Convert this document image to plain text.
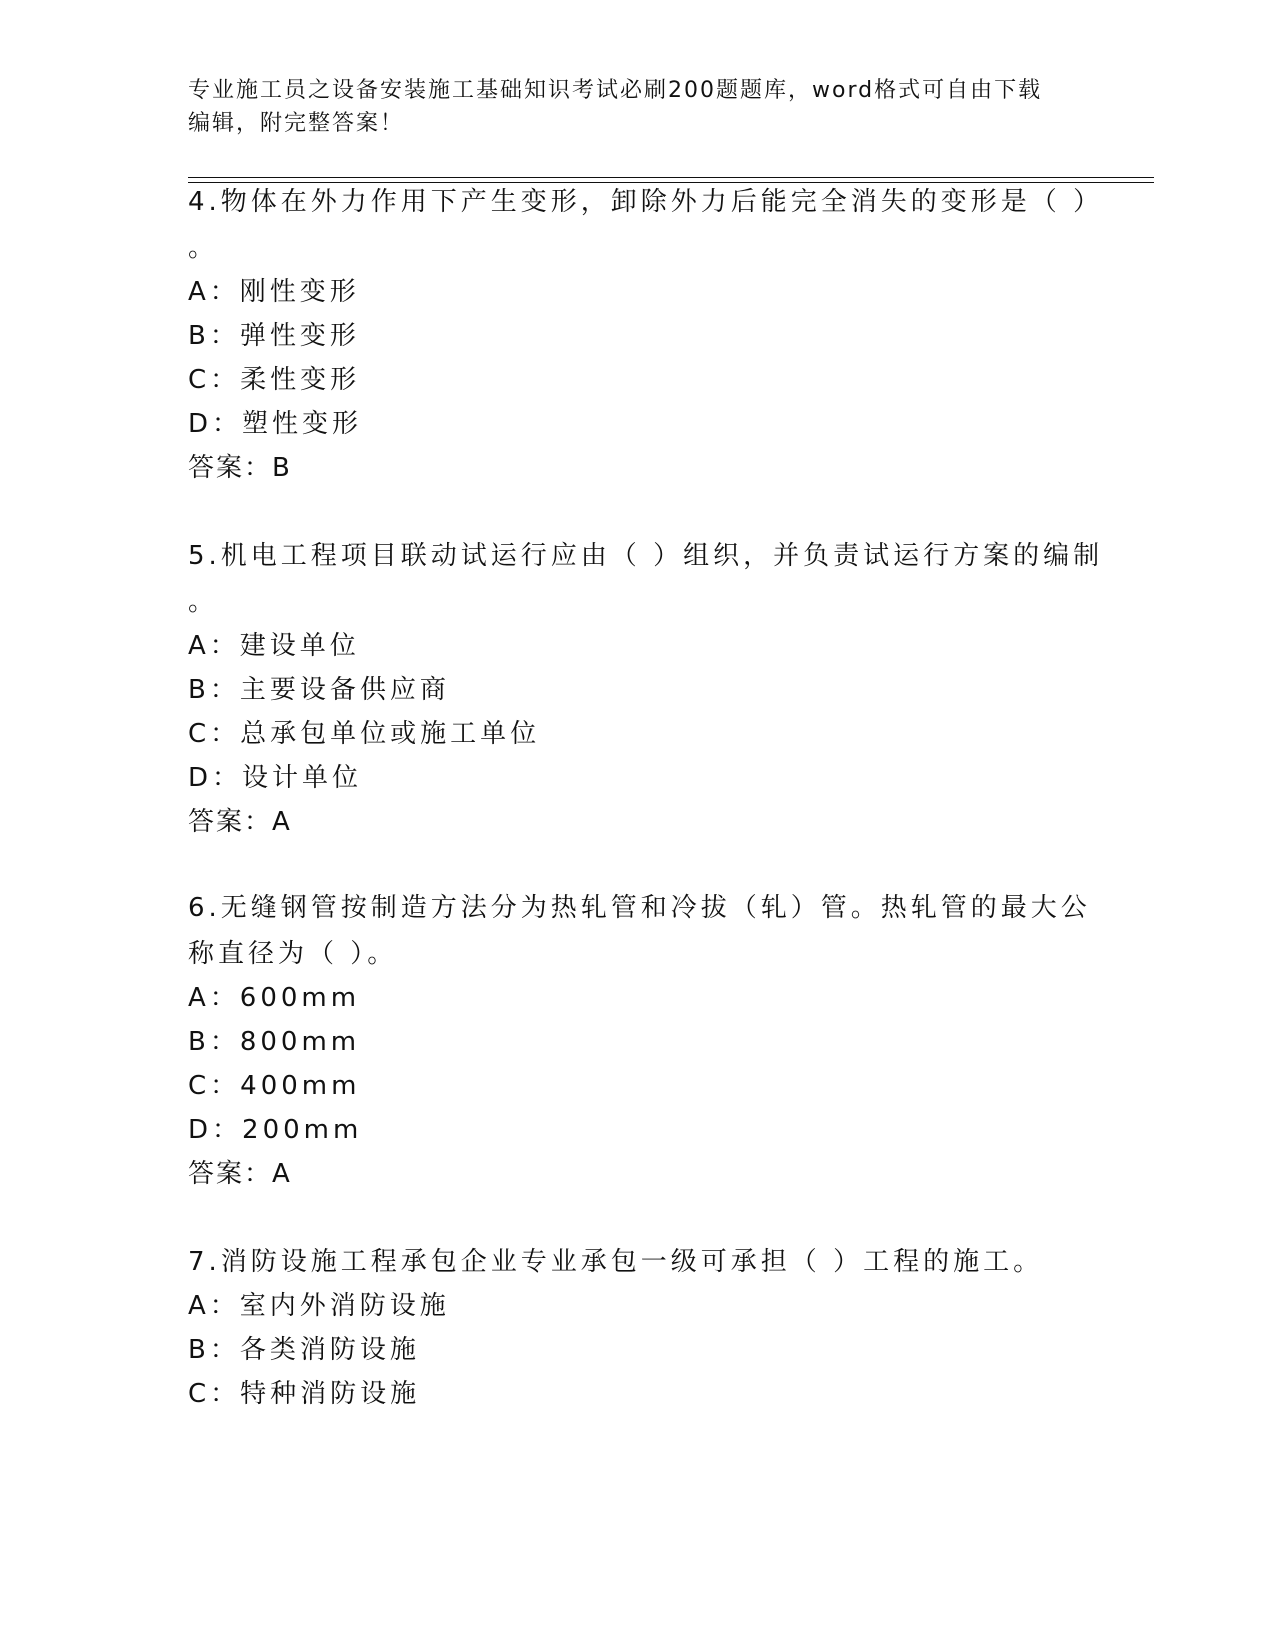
专业施工员之设备安装施工基础知识考试必刷200题题库，word格式可自由下载
编辑，附完整答案！
4.物体在外力作用下产生变形，卸除外力后能完全消失的变形是（ ）
。
A：刚性变形
B：弹性变形
C：柔性变形
D：塑性变形
答案：B
5.机电工程项目联动试运行应由（ ）组织，并负责试运行方案的编制
。
A：建设单位
B：主要设备供应商
C：总承包单位或施工单位
D：设计单位
答案：A
6.无缝钢管按制造方法分为热轧管和冷拔（轧）管。热轧管的最大公
称直径为（ ）。
A：600mm
B：800mm
C：400mm
D：200mm
答案：A
7.消防设施工程承包企业专业承包一级可承担（ ）工程的施工。
A：室内外消防设施
B：各类消防设施
C：特种消防设施
